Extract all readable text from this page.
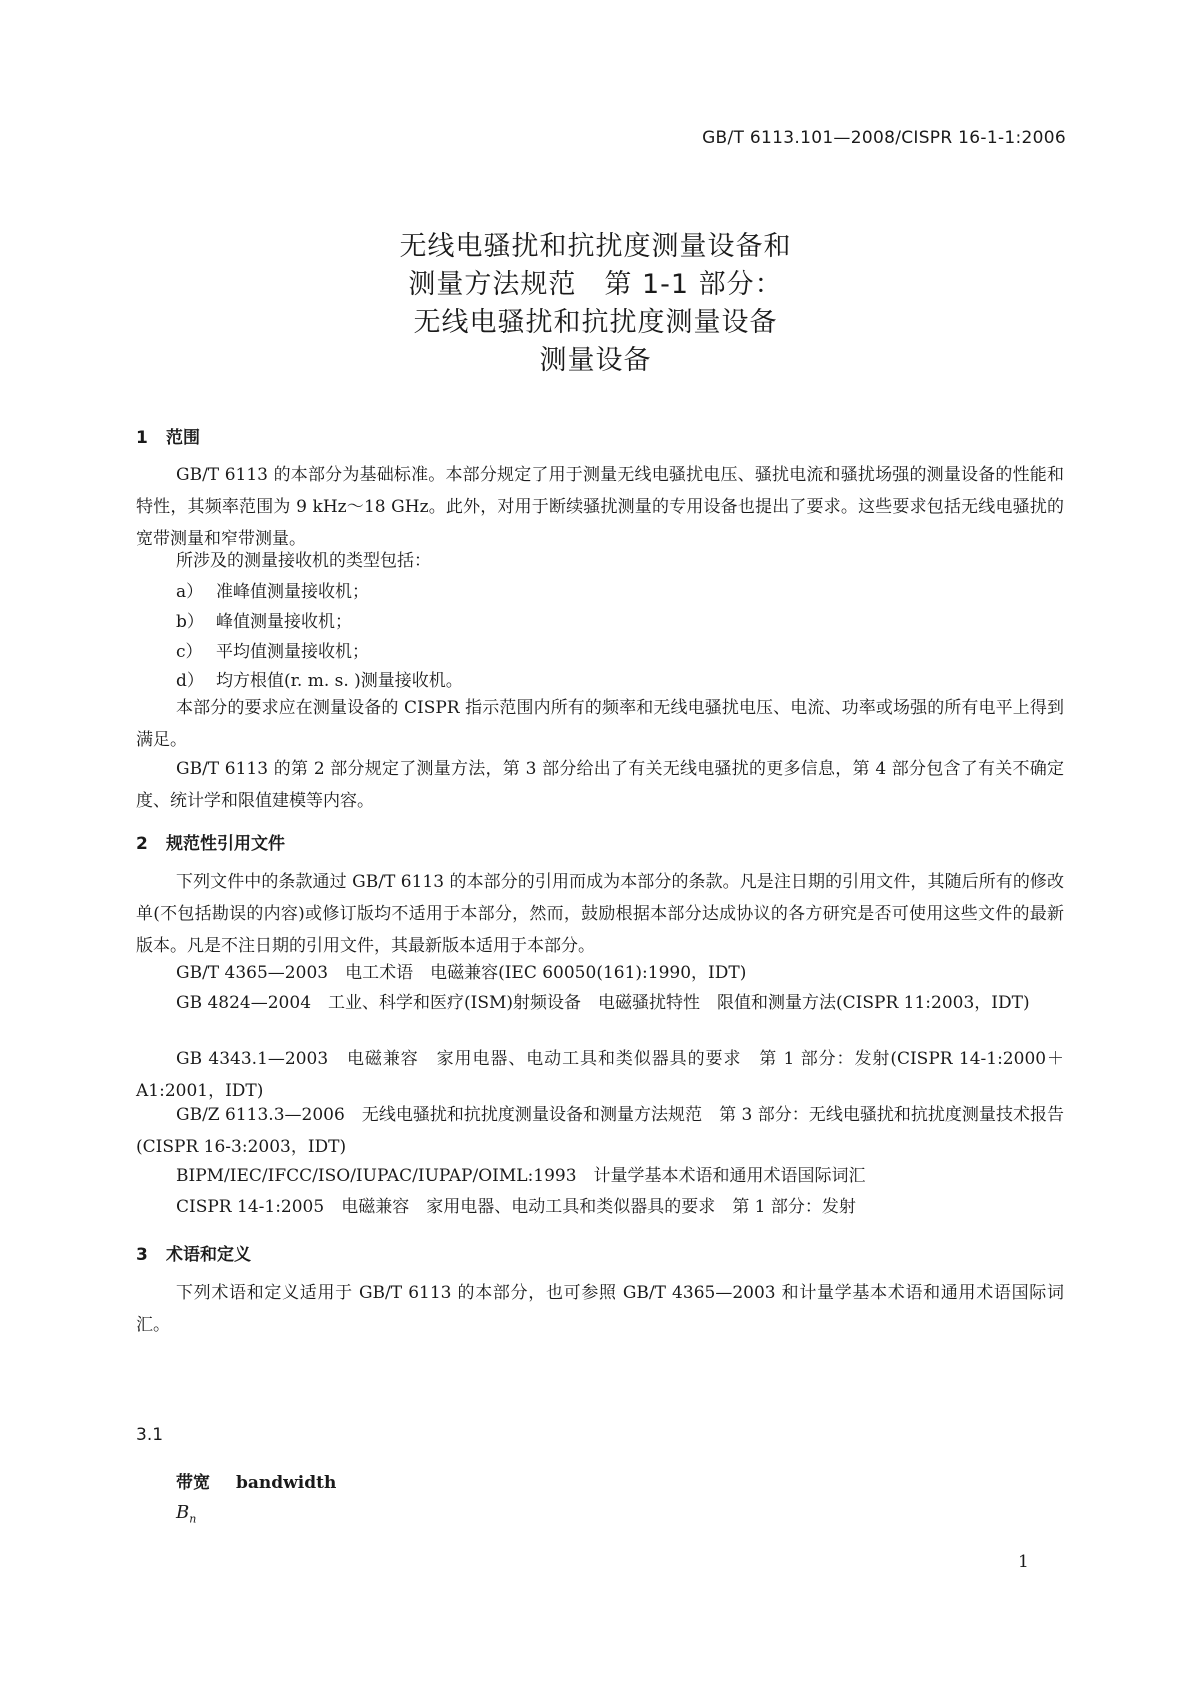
GB/T 6113.101—2008/CISPR 16-1-1:2006
无线电骚扰和抗扰度测量设备和
测量方法规范　第 1-1 部分：
无线电骚扰和抗扰度测量设备
测量设备
1 范围
GB/T 6113 的本部分为基础标准。本部分规定了用于测量无线电骚扰电压、骚扰电流和骚扰场强的测量设备的性能和特性，其频率范围为 9 kHz～18 GHz。此外，对用于断续骚扰测量的专用设备也提出了要求。这些要求包括无线电骚扰的宽带测量和窄带测量。
所涉及的测量接收机的类型包括：
a） 准峰值测量接收机；
b） 峰值测量接收机；
c） 平均值测量接收机；
d） 均方根值(r. m. s. )测量接收机。
本部分的要求应在测量设备的 CISPR 指示范围内所有的频率和无线电骚扰电压、电流、功率或场强的所有电平上得到满足。
GB/T 6113 的第 2 部分规定了测量方法，第 3 部分给出了有关无线电骚扰的更多信息，第 4 部分包含了有关不确定度、统计学和限值建模等内容。
2 规范性引用文件
下列文件中的条款通过 GB/T 6113 的本部分的引用而成为本部分的条款。凡是注日期的引用文件，其随后所有的修改单(不包括勘误的内容)或修订版均不适用于本部分，然而，鼓励根据本部分达成协议的各方研究是否可使用这些文件的最新版本。凡是不注日期的引用文件，其最新版本适用于本部分。
GB/T 4365—2003　电工术语　电磁兼容(IEC 60050(161):1990，IDT)
GB 4824—2004　工业、科学和医疗(ISM)射频设备　电磁骚扰特性　限值和测量方法(CISPR 11:2003，IDT)
GB 4343.1—2003　电磁兼容　家用电器、电动工具和类似器具的要求　第 1 部分：发射(CISPR 14-1:2000＋A1:2001，IDT)
GB/Z 6113.3—2006　无线电骚扰和抗扰度测量设备和测量方法规范　第 3 部分：无线电骚扰和抗扰度测量技术报告(CISPR 16-3:2003，IDT)
BIPM/IEC/IFCC/ISO/IUPAC/IUPAP/OIML:1993　计量学基本术语和通用术语国际词汇
CISPR 14-1:2005　电磁兼容　家用电器、电动工具和类似器具的要求　第 1 部分：发射
3 术语和定义
下列术语和定义适用于 GB/T 6113 的本部分，也可参照 GB/T 4365—2003 和计量学基本术语和通用术语国际词汇。
3.1
带宽 bandwidth
$B_n$
1
